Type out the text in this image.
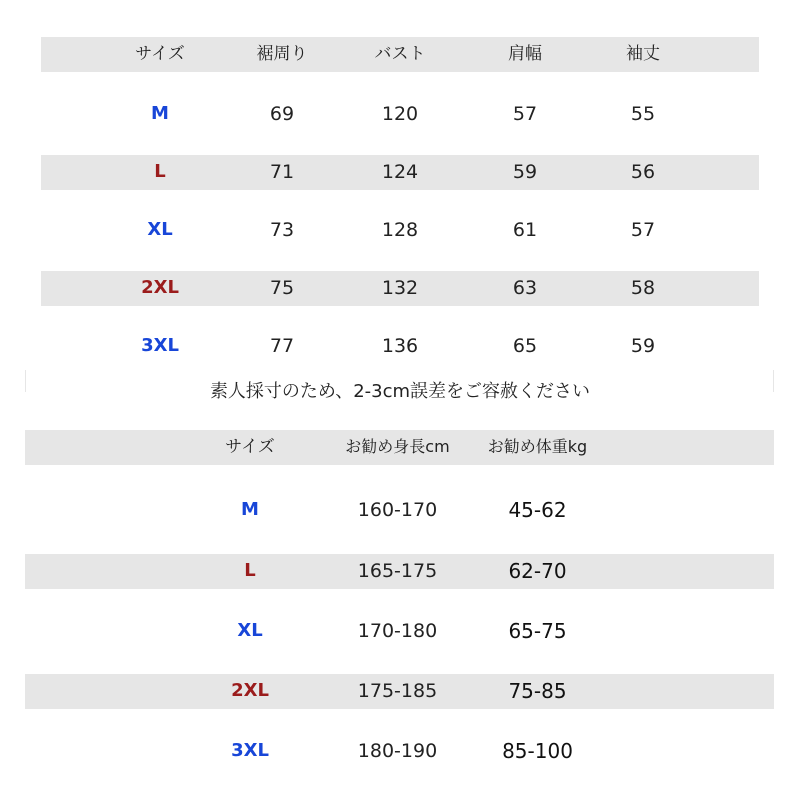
サイズ	裾周り	バスト	肩幅	袖丈
M	69	120	57	55
L	71	124	59	56
XL	73	128	61	57
2XL	75	132	63	58
3XL	77	136	65	59
素人採寸のため、2-3cm誤差をご容赦ください
サイズ	お勧め身長cm	お勧め体重kg
M	160-170	45-62
L	165-175	62-70
XL	170-180	65-75
2XL	175-185	75-85
3XL	180-190	85-100
